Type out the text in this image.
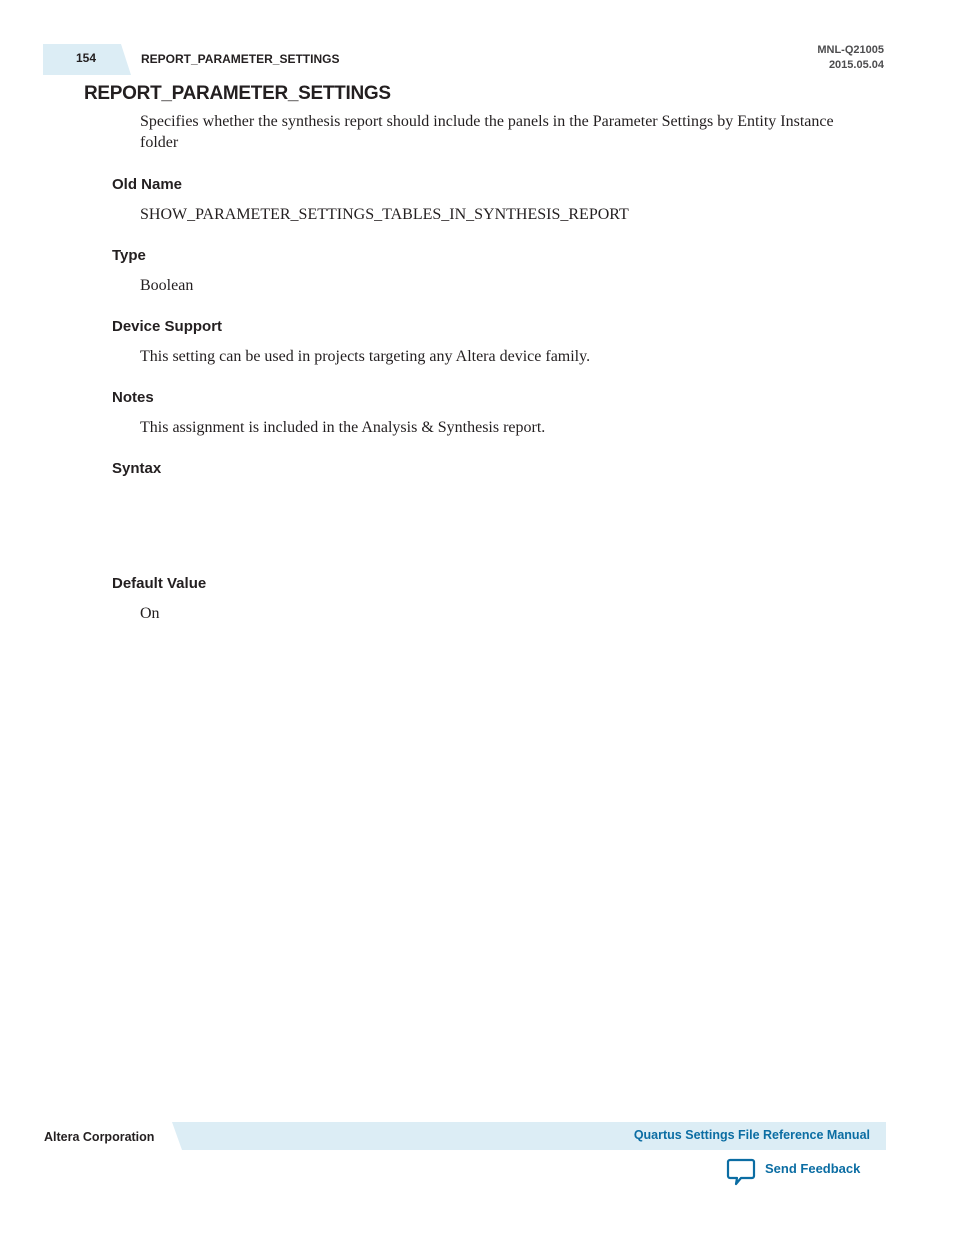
154	REPORT_PARAMETER_SETTINGS
MNL-Q21005
2015.05.04
REPORT_PARAMETER_SETTINGS

Specifies whether the synthesis report should include the panels in the Parameter Settings by Entity Instance folder

Old Name

SHOW_PARAMETER_SETTINGS_TABLES_IN_SYNTHESIS_REPORT

Type

Boolean

Device Support

This setting can be used in projects targeting any Altera device family.

Notes

This assignment is included in the Analysis & Synthesis report.

Syntax
Default Value

On

Altera Corporation	Quartus Settings File Reference Manual
Send Feedback
